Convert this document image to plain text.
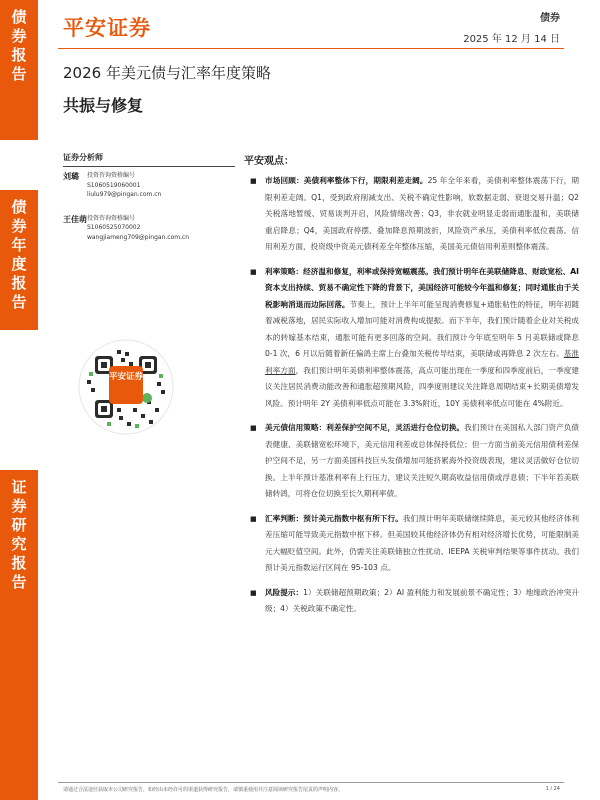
债
券
报
告
债
券
年
度
报
告
证
券
研
究
报
告
平安证券	债券
2025 年 12 月 14 日
2026 年美元债与汇率年度策略
共振与修复
证券分析师
刘璐	投资咨询资格编号
S1060519060001
liulu979@pingan.com.cn
王佳萌 投资咨询资格编号
S1060525070002
wangjiameng709@pingan.com.cn
平安证券
平安观点：
■	市场回顾：美债利率整体下行，期限利差走阔。25 年全年来看，美债利率整体震荡下行，期限利差走阔。Q1，受到政府削减支出、关税不确定性影响，软数据走弱、衰退交易升温；Q2 关税落地暂缓、贸易谈判开启，风险情绪改善；Q3，非农就业明显走弱而通胀温和，美联储重启降息；Q4，美国政府停摆、叠加降息预期波折，风险资产承压，美债利率低位震荡。信用利差方面，投资级中资美元债利差全年整体压缩，美国美元债信用利差则整体震荡。
■	利率策略：经济温和修复，利率或保持宽幅震荡。我们预计明年在美联储降息、财政宽松、AI 资本支出持续、贸易不确定性下降的背景下，美国经济可能较今年温和修复；同时通胀由于关税影响消退而边际回落。节奏上，预计上半年可能呈现消费修复+通胀粘性的特征，明年初随着减税落地，居民实际收入增加可能对消费构成提振。而下半年，我们预计随着企业对关税成本的转嫁基本结束，通胀可能有更多回落的空间。我们预计今年底至明年 5 月美联储或降息 0-1 次，6 月以后随着新任偏鸽主席上台叠加关税传导结束，美联储或再降息 2 次左右。基准利率方面，我们预计明年美债利率整体震荡，高点可能出现在一季度和四季度前后，一季度建议关注居民消费动能改善和通胀超预期风险，四季度则建议关注降息周期结束+长期美债增发风险。预计明年 2Y 美债利率低点可能在 3.3%附近，10Y 美债利率低点可能在 4%附近。
■	美元债信用策略：利差保护空间不足，灵活进行仓位切换。我们预计在美国私人部门资产负债表健康、美联储宽松环境下，美元信用利差或总体保持低位；但一方面当前美元信用债利差保护空间不足，另一方面美国科技巨头发债增加可能挤累海外投资级表现，建议灵活做好仓位切换。上半年预计基准利率有上行压力，建议关注短久期高收益信用债或浮息债；下半年若美联储转鸽，可将仓位切换至长久期利率债。
■	汇率判断：预计美元指数中枢有所下行。我们预计明年美联储继续降息，美元较其他经济体利差压缩可能导致美元指数中枢下移。但美国较其他经济体仍有相对经济增长优势，可能限制美元大幅贬值空间。此外，仍需关注美联储独立性扰动、IEEPA 关税审判结果等事件扰动。我们预计美元指数运行区间在 95-103 点。
■	风险提示：1）关联储超预期政策；2）AI 盈利能力和发展前景不确定性；3）地缘政治冲突升级；4）关税政策不确定性。
请通过合法途径获取本公司研究报告，如经由未经许可的渠道获得研究报告，请慎重使用并注意阅读研究报告尾页的声明内容。	1 / 24
